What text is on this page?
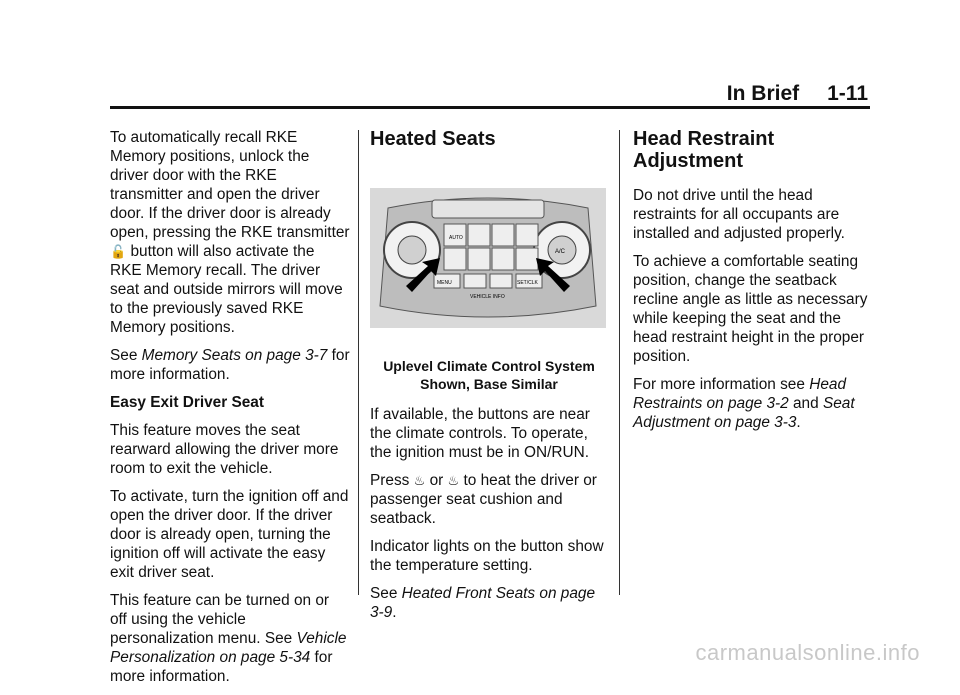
In Brief 1-11

To automatically recall RKE Memory positions, unlock the driver door with the RKE transmitter and open the driver door. If the driver door is already open, pressing the RKE transmitter 🔓 button will also activate the RKE Memory recall. The driver seat and outside mirrors will move to the previously saved RKE Memory positions.

See Memory Seats on page 3-7 for more information.

Easy Exit Driver Seat

This feature moves the seat rearward allowing the driver more room to exit the vehicle.

To activate, turn the ignition off and open the driver door. If the driver door is already open, turning the ignition off will activate the easy exit driver seat.

This feature can be turned on or off using the vehicle personalization menu. See Vehicle Personalization on page 5-34 for more information.

Heated Seats
AUTO
MENU	SET/CLK
VEHICLE INFO
A/C
Uplevel Climate Control System
Shown, Base Similar

If available, the buttons are near the climate controls. To operate, the ignition must be in ON/RUN.

Press ♨ or ♨ to heat the driver or passenger seat cushion and seatback.

Indicator lights on the button show the temperature setting.

See Heated Front Seats on page 3-9.

Head Restraint Adjustment

Do not drive until the head restraints for all occupants are installed and adjusted properly.

To achieve a comfortable seating position, change the seatback recline angle as little as necessary while keeping the seat and the head restraint height in the proper position.

For more information see Head Restraints on page 3-2 and Seat Adjustment on page 3-3.

carmanualsonline.info
